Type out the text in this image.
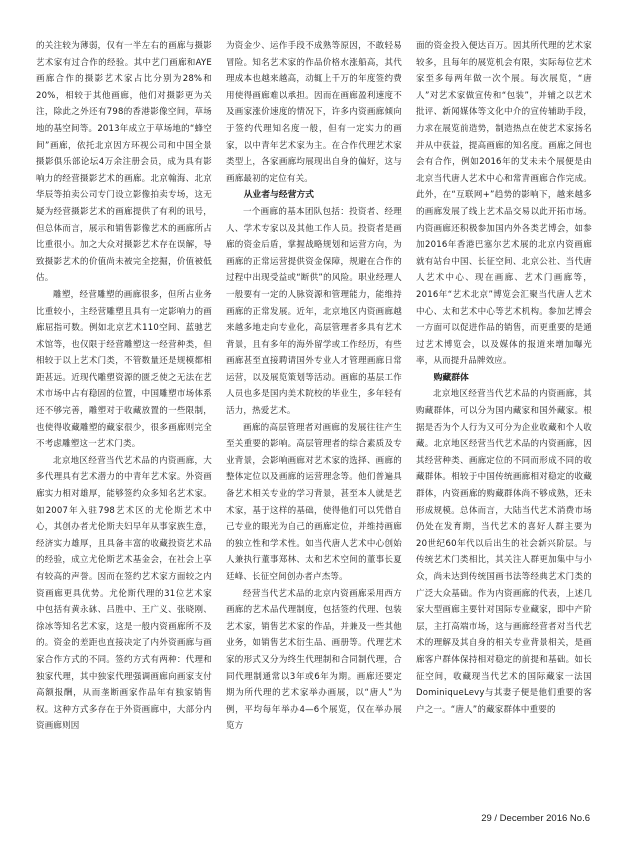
的关注较为薄弱，仅有一半左右的画廊与摄影艺术家有过合作的经验。其中艺门画廊和AYE画廊合作的摄影艺术家占比分别为28%和20%，相较于其他画廊，他们对摄影更为关注，除此之外还有798的香港影像空间，草场地的基空间等。2013年成立于草场地的“蜂空间”画廊，依托北京因方环视公司和中国全景摄影俱乐部论坛4万余注册会员，成为具有影响力的经营摄影艺术的画廊。北京翰海、北京华辰等拍卖公司专门设立影像拍卖专场，这无疑为经营摄影艺术的画廊提供了有利的讯号，但总体而言，展示和销售影像艺术的画廊所占比重很小。加之大众对摄影艺术存在误解，导致摄影艺术的价值尚未被完全挖掘，价值被低估。

雕塑，经营雕塑的画廊很多，但所占业务比重较小，主经营雕塑且具有一定影响力的画廊屈指可数。例如北京艺术110空间、蓝驰艺术馆等，也仅限于经营雕塑这一经营种类，但相较于以上艺术门类，不管数量还是规模都相距甚远。近现代雕塑资源的匮乏使之无法在艺术市场中占有稳固的位置，中国雕塑市场体系还不够完善，雕塑对于收藏放置的一些限制，也使得收藏雕塑的藏家很少，很多画廊则完全不考虑雕塑这一艺术门类。

北京地区经营当代艺术品的内资画廊，大多代理具有艺术潜力的中青年艺术家。外资画廊实力相对雄厚，能够签约众多知名艺术家。如2007年入驻798艺术区的尤伦斯艺术中心，其创办者尤伦斯夫妇早年从事家族生意，经济实力雄厚，且具备丰富的收藏投资艺术品的经验，成立尤伦斯艺术基金会，在社会上享有较高的声誉。因而在签约艺术家方面较之内资画廊更具优势。尤伦斯代理的31位艺术家中包括有黄永砯、吕胜中、王广义、张晓刚、徐冰等知名艺术家，这是一般内资画廊所不及的。资金的差距也直接决定了内外资画廊与画家合作方式的不同。签约方式有两种：代理和独家代理，其中独家代理强调画廊向画家支付高额报酬，从而垄断画家作品年有独家销售权。这种方式多存在于外资画廊中，大部分内资画廊则因

为资金少、运作手段不成熟等原因，不敢轻易冒险。知名艺术家的作品价格水涨船高，其代理成本也越来越高，动辄上千万的年度签约费用使得画廊难以承担。因而在画廊盈利速度不及画家涨价速度的情况下，许多内资画廊倾向于签约代理知名度一般，但有一定实力的画家，以中青年艺术家为主。在合作代理艺术家类型上，各家画廊均展现出自身的偏好，这与画廊最初的定位有关。

从业者与经营方式

一个画廊的基本团队包括：投资者、经理人、学术专家以及其他工作人员。投资者是画廊的资金后盾，掌握战略规划和运营方向，为画廊的正常运营提供资金保障，规避在合作的过程中出现受益或“断供”的风险。职业经理人一般要有一定的人脉资源和管理能力，能维持画廊的正常发展。近年，北京地区内资画廊越来越多地走向专业化，高层管理者多具有艺术背景，且有多年的海外留学或工作经历，有些画廊甚至直接聘请国外专业人才管理画廊日常运营，以及展览策划等活动。画廊的基层工作人员也多是国内美术院校的毕业生，多年轻有活力，热爱艺术。

画廊的高层管理者对画廊的发展往往产生至关重要的影响。高层管理者的综合素质及专业背景，会影响画廊对艺术家的选择、画廊的整体定位以及画廊的运营理念等。他们普遍具备艺术相关专业的学习背景，甚至本人就是艺术家，基于这样的基础，使得他们可以凭借自己专业的眼光为自己的画廊定位，并维持画廊的独立性和学术性。如当代唐人艺术中心创始人兼执行董事郑林、太和艺术空间的董事长夏廷峰、长征空间创办者卢杰等。

经营当代艺术品的北京内资画廊采用西方画廊的艺术品代理制度，包括签约代理、包装艺术家，销售艺术家的作品，并兼及一些其他业务，如销售艺术衍生品、画册等。代理艺术家的形式又分为终生代理制和合同制代理，合同代理制通常以3年或6年为期。画廊还要定期为所代理的艺术家举办画展，以“唐人”为例，平均每年举办4—6个展览，仅在举办展览方

面的资金投入便达百万。因其所代理的艺术家较多，且每年的展览机会有限，实际每位艺术家至多每两年做一次个展。每次展览，“唐人”对艺术家做宣传和“包装”，并辅之以艺术批评、新闻媒体等文化中介的宣传辅助手段，力求在展览前造势，制造热点在使艺术家扬名并从中获益，提高画廊的知名度。画廊之间也会有合作，例如2016年的艾未未个展便是由北京当代唐人艺术中心和常青画廊合作完成。此外，在“互联网+”趋势的影响下，越来越多的画廊发展了线上艺术品交易以此开拓市场。内资画廊还积极参加国内外各类艺博会，如参加2016年香港巴塞尔艺术展的北京内资画廊就有站台中国、长征空间、北京公社、当代唐人艺术中心、现在画廊、艺术门画廊等，2016年“艺术北京”博览会汇聚当代唐人艺术中心、太和艺术中心等艺术机构。参加艺博会一方面可以促进作品的销售，而更重要的是通过艺术博览会，以及媒体的报道来增加曝光率，从而提升品牌效应。

购藏群体

北京地区经营当代艺术品的内资画廊，其购藏群体，可以分为国内藏家和国外藏家。根据是否为个人行为又可分为企业收藏和个人收藏。北京地区经营当代艺术品的内资画廊，因其经营种类、画廊定位的不同而形成不同的收藏群体。相较于中国传统画廊相对稳定的收藏群体，内资画廊的购藏群体尚不够成熟，还未形成规模。总体而言，大陆当代艺术消费市场仍处在发育期，当代艺术的喜好人群主要为20世纪60年代以后出生的社会新兴阶层。与传统艺术门类相比，其关注人群更加集中与小众，尚未达到传统国画书法等经典艺术门类的广泛大众基础。作为内资画廊的代表，上述几家大型画廊主要针对国际专业藏家，即中产阶层，主打高端市场，这与画廊经营者对当代艺术的理解及其自身的相关专业背景相关，是画廊客户群体保持相对稳定的前提和基础。如长征空间，收藏现当代艺术的国际藏家一法国DominiqueLevy与其妻子便是他们重要的客户之一。“唐人”的藏家群体中重要的

29 / December 2016 No.6
